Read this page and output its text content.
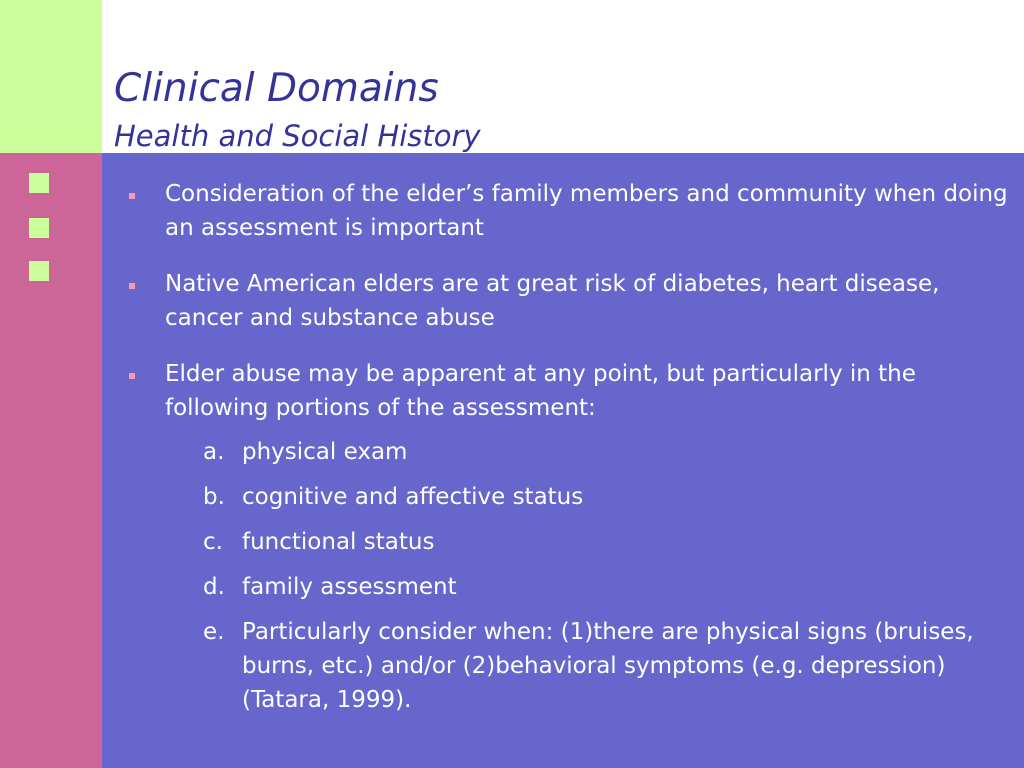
Clinical Domains
Health and Social History
Consideration of the elder’s family members and community when doing an assessment is important
Native American elders are at great risk of diabetes, heart disease, cancer and substance abuse
Elder abuse may be apparent at any point, but particularly in the following portions of the assessment:
a. physical exam
b. cognitive and affective status
c. functional status
d. family assessment
e. Particularly consider when: (1)there are physical signs (bruises, burns, etc.) and/or (2)behavioral symptoms (e.g. depression) (Tatara, 1999).
